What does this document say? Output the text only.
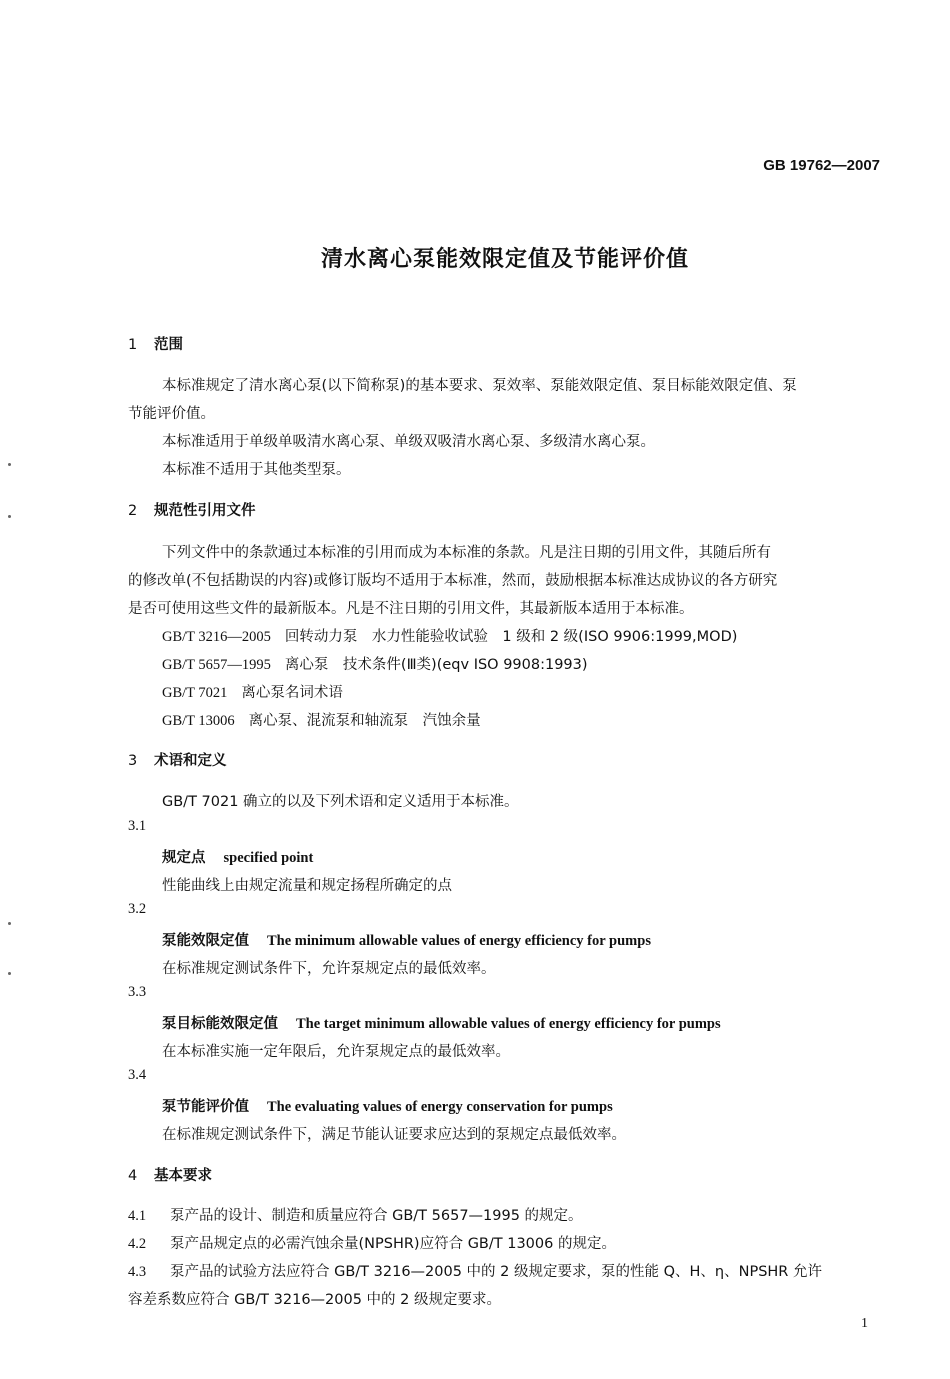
GB 19762—2007
清水离心泵能效限定值及节能评价值
1 范围
本标准规定了清水离心泵(以下简称泵)的基本要求、泵效率、泵能效限定值、泵目标能效限定值、泵
节能评价值。
本标准适用于单级单吸清水离心泵、单级双吸清水离心泵、多级清水离心泵。
本标准不适用于其他类型泵。
2 规范性引用文件
下列文件中的条款通过本标准的引用而成为本标准的条款。凡是注日期的引用文件，其随后所有
的修改单(不包括勘误的内容)或修订版均不适用于本标准，然而，鼓励根据本标准达成协议的各方研究
是否可使用这些文件的最新版本。凡是不注日期的引用文件，其最新版本适用于本标准。
GB/T 3216—2005 回转动力泵　水力性能验收试验　1 级和 2 级(ISO 9906:1999,MOD)
GB/T 5657—1995 离心泵　技术条件(Ⅲ类)(eqv ISO 9908:1993)
GB/T 7021 离心泵名词术语
GB/T 13006 离心泵、混流泵和轴流泵　汽蚀余量
3 术语和定义
GB/T 7021 确立的以及下列术语和定义适用于本标准。
3.1
规定点 specified point
性能曲线上由规定流量和规定扬程所确定的点
3.2
泵能效限定值 The minimum allowable values of energy efficiency for pumps
在标准规定测试条件下，允许泵规定点的最低效率。
3.3
泵目标能效限定值 The target minimum allowable values of energy efficiency for pumps
在本标准实施一定年限后，允许泵规定点的最低效率。
3.4
泵节能评价值 The evaluating values of energy conservation for pumps
在标准规定测试条件下，满足节能认证要求应达到的泵规定点最低效率。
4 基本要求
4.1 泵产品的设计、制造和质量应符合 GB/T 5657—1995 的规定。
4.2 泵产品规定点的必需汽蚀余量(NPSHR)应符合 GB/T 13006 的规定。
4.3 泵产品的试验方法应符合 GB/T 3216—2005 中的 2 级规定要求，泵的性能 Q、H、η、NPSHR 允许
容差系数应符合 GB/T 3216—2005 中的 2 级规定要求。
1
